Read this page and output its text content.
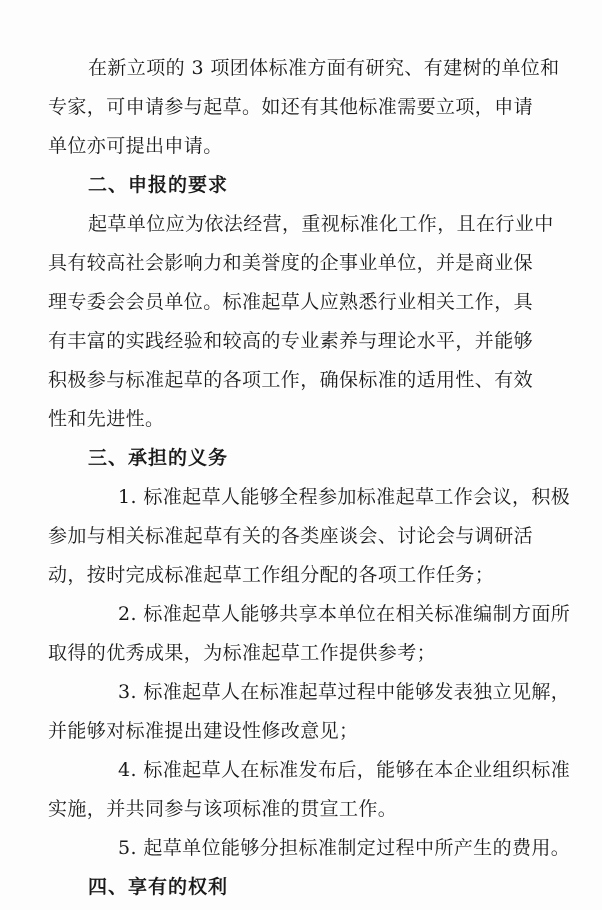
在新立项的 3 项团体标准方面有研究、有建树的单位和
专家，可申请参与起草。如还有其他标准需要立项，申请
单位亦可提出申请。
二、申报的要求
起草单位应为依法经营，重视标准化工作，且在行业中
具有较高社会影响力和美誉度的企事业单位，并是商业保
理专委会会员单位。标准起草人应熟悉行业相关工作，具
有丰富的实践经验和较高的专业素养与理论水平，并能够
积极参与标准起草的各项工作，确保标准的适用性、有效
性和先进性。
三、承担的义务
1. 标准起草人能够全程参加标准起草工作会议，积极
参加与相关标准起草有关的各类座谈会、讨论会与调研活
动，按时完成标准起草工作组分配的各项工作任务；
2. 标准起草人能够共享本单位在相关标准编制方面所
取得的优秀成果，为标准起草工作提供参考；
3. 标准起草人在标准起草过程中能够发表独立见解，
并能够对标准提出建设性修改意见；
4. 标准起草人在标准发布后，能够在本企业组织标准
实施，并共同参与该项标准的贯宣工作。
5. 起草单位能够分担标准制定过程中所产生的费用。
四、享有的权利
